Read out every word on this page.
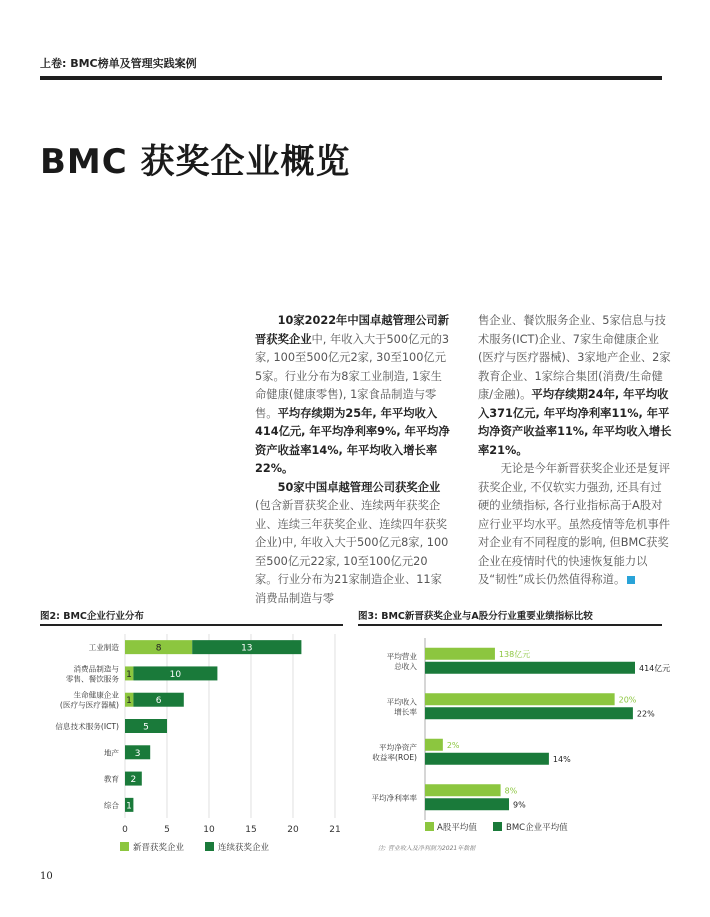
上卷: BMC榜单及管理实践案例
BMC 获奖企业概览

10家2022年中国卓越管理公司新晋获奖企业中, 年收入大于500亿元的3家, 100至500亿元2家, 30至100亿元5家。行业分布为8家工业制造, 1家生命健康(健康零售), 1家食品制造与零售。平均存续期为25年, 年平均收入414亿元, 年平均净利率9%, 年平均净资产收益率14%, 年平均收入增长率22%。

50家中国卓越管理公司获奖企业(包含新晋获奖企业、连续两年获奖企业、连续三年获奖企业、连续四年获奖企业)中, 年收入大于500亿元8家, 100至500亿元22家, 10至100亿元20家。行业分布为21家制造企业、11家消费品制造与零

售企业、餐饮服务企业、5家信息与技术服务(ICT)企业、7家生命健康企业(医疗与医疗器械)、3家地产企业、2家教育企业、1家综合集团(消费/生命健康/金融)。平均存续期24年, 年平均收入371亿元, 年平均净利率11%, 年平均净资产收益率11%, 年平均收入增长率21%。

无论是今年新晋获奖企业还是复评获奖企业, 不仅软实力强劲, 还具有过硬的业绩指标, 各行业指标高于A股对应行业平均水平。虽然疫情等危机事件对企业有不同程度的影响, 但BMC获奖企业在疫情时代的快速恢复能力以及“韧性”成长仍然值得称道。

图2: BMC企业行业分布	图3: BMC新晋获奖企业与A股分行业重要业绩指标比较
0	5	10	15	20	21
工业制造	8	13
消费品制造与
零售、餐饮服务 1	10
生命健康企业
(医疗与医疗器械) 1	6
信息技术服务(ICT)	5
地产 3
教育 2
综合 1
新晋获奖企业	连续获奖企业
平均营业
总收入
138亿元
414亿元
平均收入
增长率
20%
22%
平均净资产
收益率(ROE)
2%
14%
平均净利率率
8%
9%
A股平均值	BMC企业平均值
注: 营业收入及净利润为2021年数据
10
